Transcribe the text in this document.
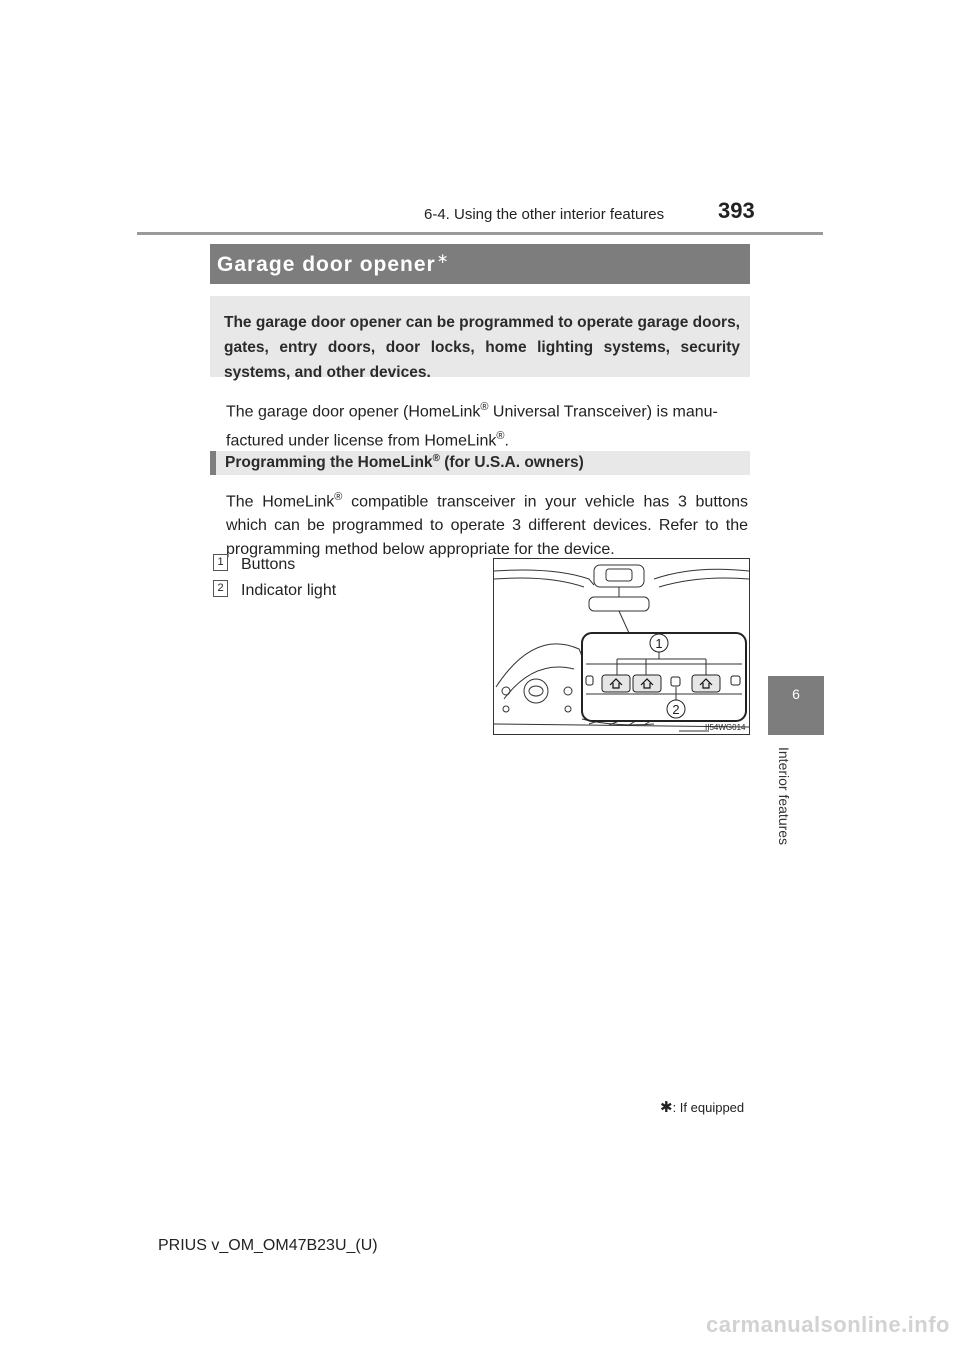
6-4. Using the other interior features 393
6
Interior features
Garage door opener∗
The garage door opener can be programmed to operate garage doors, gates, entry doors, door locks, home lighting systems, security systems, and other devices.
The garage door opener (HomeLink® Universal Transceiver) is manu-
factured under license from HomeLink®.
Programming the HomeLink® (for U.S.A. owners)
The HomeLink® compatible transceiver in your vehicle has 3 buttons which can be programmed to operate 3 different devices. Refer to the programming method below appropriate for the device.
1 Buttons
2 Indicator light
1
2
II54WG014
✱: If equipped
PRIUS v_OM_OM47B23U_(U)
carmanualsonline.info
